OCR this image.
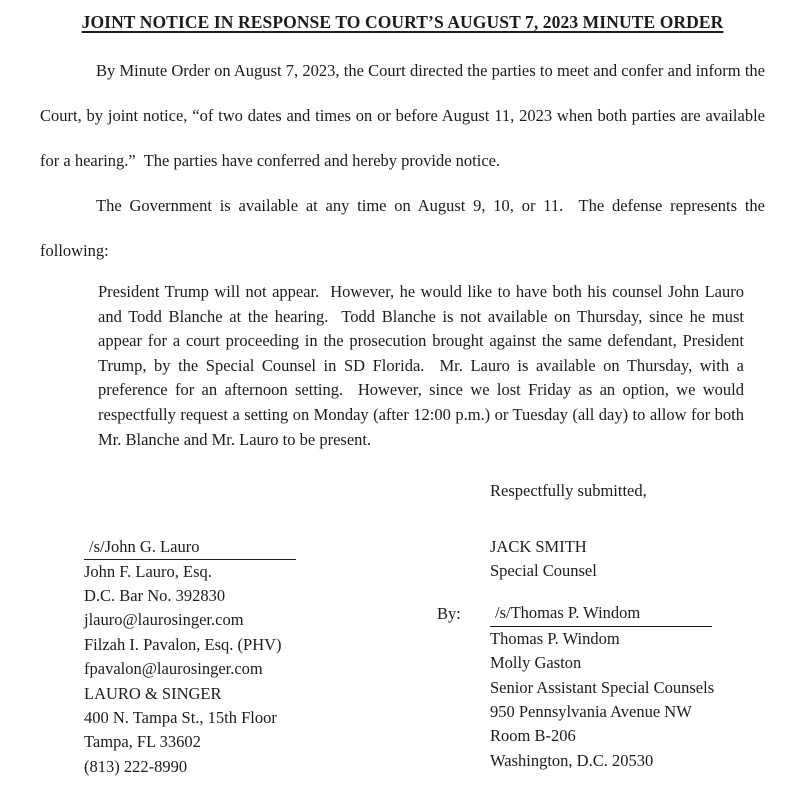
JOINT NOTICE IN RESPONSE TO COURT’S AUGUST 7, 2023 MINUTE ORDER
By Minute Order on August 7, 2023, the Court directed the parties to meet and confer and inform the Court, by joint notice, “of two dates and times on or before August 11, 2023 when both parties are available for a hearing.”  The parties have conferred and hereby provide notice.
The Government is available at any time on August 9, 10, or 11.  The defense represents the following:
President Trump will not appear.  However, he would like to have both his counsel John Lauro and Todd Blanche at the hearing.  Todd Blanche is not available on Thursday, since he must appear for a court proceeding in the prosecution brought against the same defendant, President Trump, by the Special Counsel in SD Florida.  Mr. Lauro is available on Thursday, with a preference for an afternoon setting.  However, since we lost Friday as an option, we would respectfully request a setting on Monday (after 12:00 p.m.) or Tuesday (all day) to allow for both Mr. Blanche and Mr. Lauro to be present.
Respectfully submitted,
/s/John G. Lauro
John F. Lauro, Esq.
D.C. Bar No. 392830
jlauro@laurosinger.com
Filzah I. Pavalon, Esq. (PHV)
fpavalon@laurosinger.com
LAURO & SINGER
400 N. Tampa St., 15th Floor
Tampa, FL 33602
(813) 222-8990
JACK SMITH
Special Counsel
By:	/s/Thomas P. Windom
Thomas P. Windom
Molly Gaston
Senior Assistant Special Counsels
950 Pennsylvania Avenue NW
Room B-206
Washington, D.C. 20530
